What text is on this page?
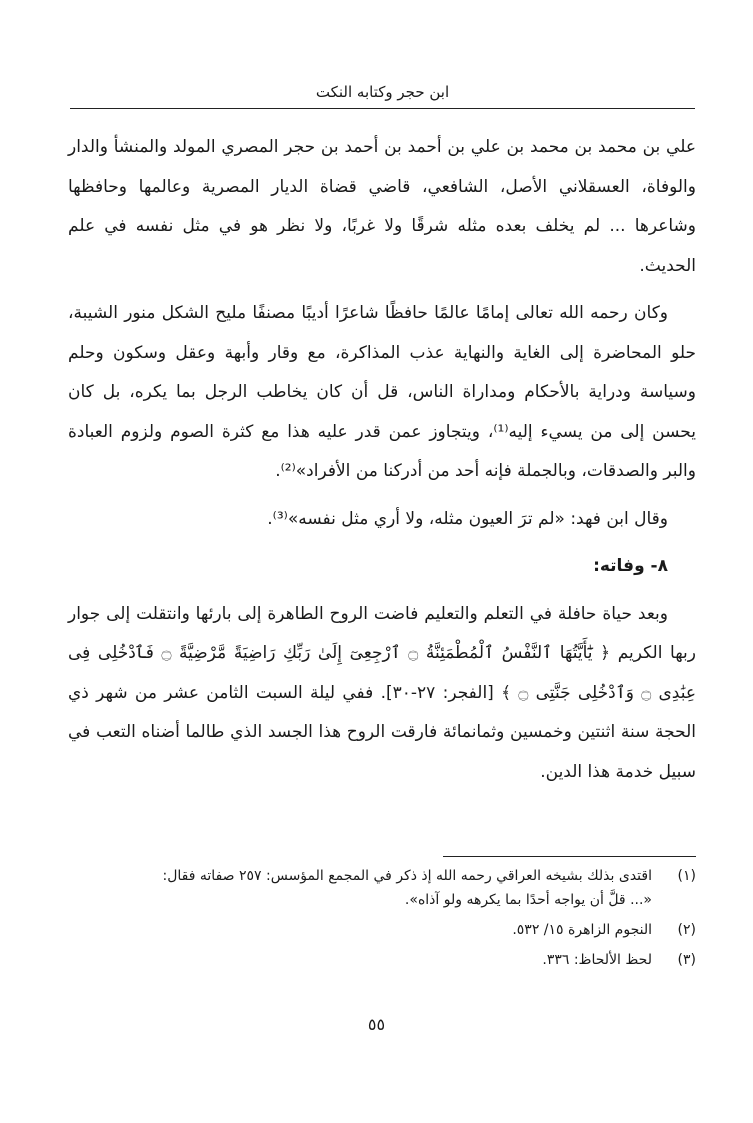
ابن حجر وكتابه النكت

علي بن محمد بن محمد بن علي بن أحمد بن أحمد بن حجر المصري المولد والمنشأ والدار والوفاة، العسقلاني الأصل، الشافعي، قاضي قضاة الديار المصرية وعالمها وحافظها وشاعرها ... لم يخلف بعده مثله شرقًا ولا غربًا، ولا نظر هو في مثل نفسه في علم الحديث.

وكان رحمه الله تعالى إمامًا عالمًا حافظًا شاعرًا أديبًا مصنفًا مليح الشكل منور الشيبة، حلو المحاضرة إلى الغاية والنهاية عذب المذاكرة، مع وقار وأبهة وعقل وسكون وحلم وسياسة ودراية بالأحكام ومداراة الناس، قل أن كان يخاطب الرجل بما يكره، بل كان يحسن إلى من يسيء إليه⁽¹⁾، ويتجاوز عمن قدر عليه هذا مع كثرة الصوم ولزوم العبادة والبر والصدقات، وبالجملة فإنه أحد من أدركنا من الأفراد»⁽²⁾.

وقال ابن فهد: «لم ترَ العيون مثله، ولا أري مثل نفسه»⁽³⁾.

٨- وفاته:

وبعد حياة حافلة في التعلم والتعليم فاضت الروح الطاهرة إلى بارئها وانتقلت إلى جوار ربها الكريم ﴿ يَٰٓأَيَّتُهَا ٱلنَّفْسُ ٱلْمُطْمَئِنَّةُ ۝ ٱرْجِعِىٓ إِلَىٰ رَبِّكِ رَاضِيَةً مَّرْضِيَّةً ۝ فَٱدْخُلِى فِى عِبَٰدِى ۝ وَٱدْخُلِى جَنَّتِى ۝ ﴾ [الفجر: ٢٧-٣٠]. ففي ليلة السبت الثامن عشر من شهر ذي الحجة سنة اثنتين وخمسين وثمانمائة فارقت الروح هذا الجسد الذي طالما أضناه التعب في سبيل خدمة هذا الدين.

(١)
اقتدى بذلك بشيخه العراقي رحمه الله إذ ذكر في المجمع المؤسس: ٢٥٧ صفاته فقال:
«... قلَّ أن يواجه أحدًا بما يكرهه ولو آذاه».
(٢)
النجوم الزاهرة ١٥/ ٥٣٢.
(٣)
لحظ الألحاظ: ٣٣٦.
٥٥
